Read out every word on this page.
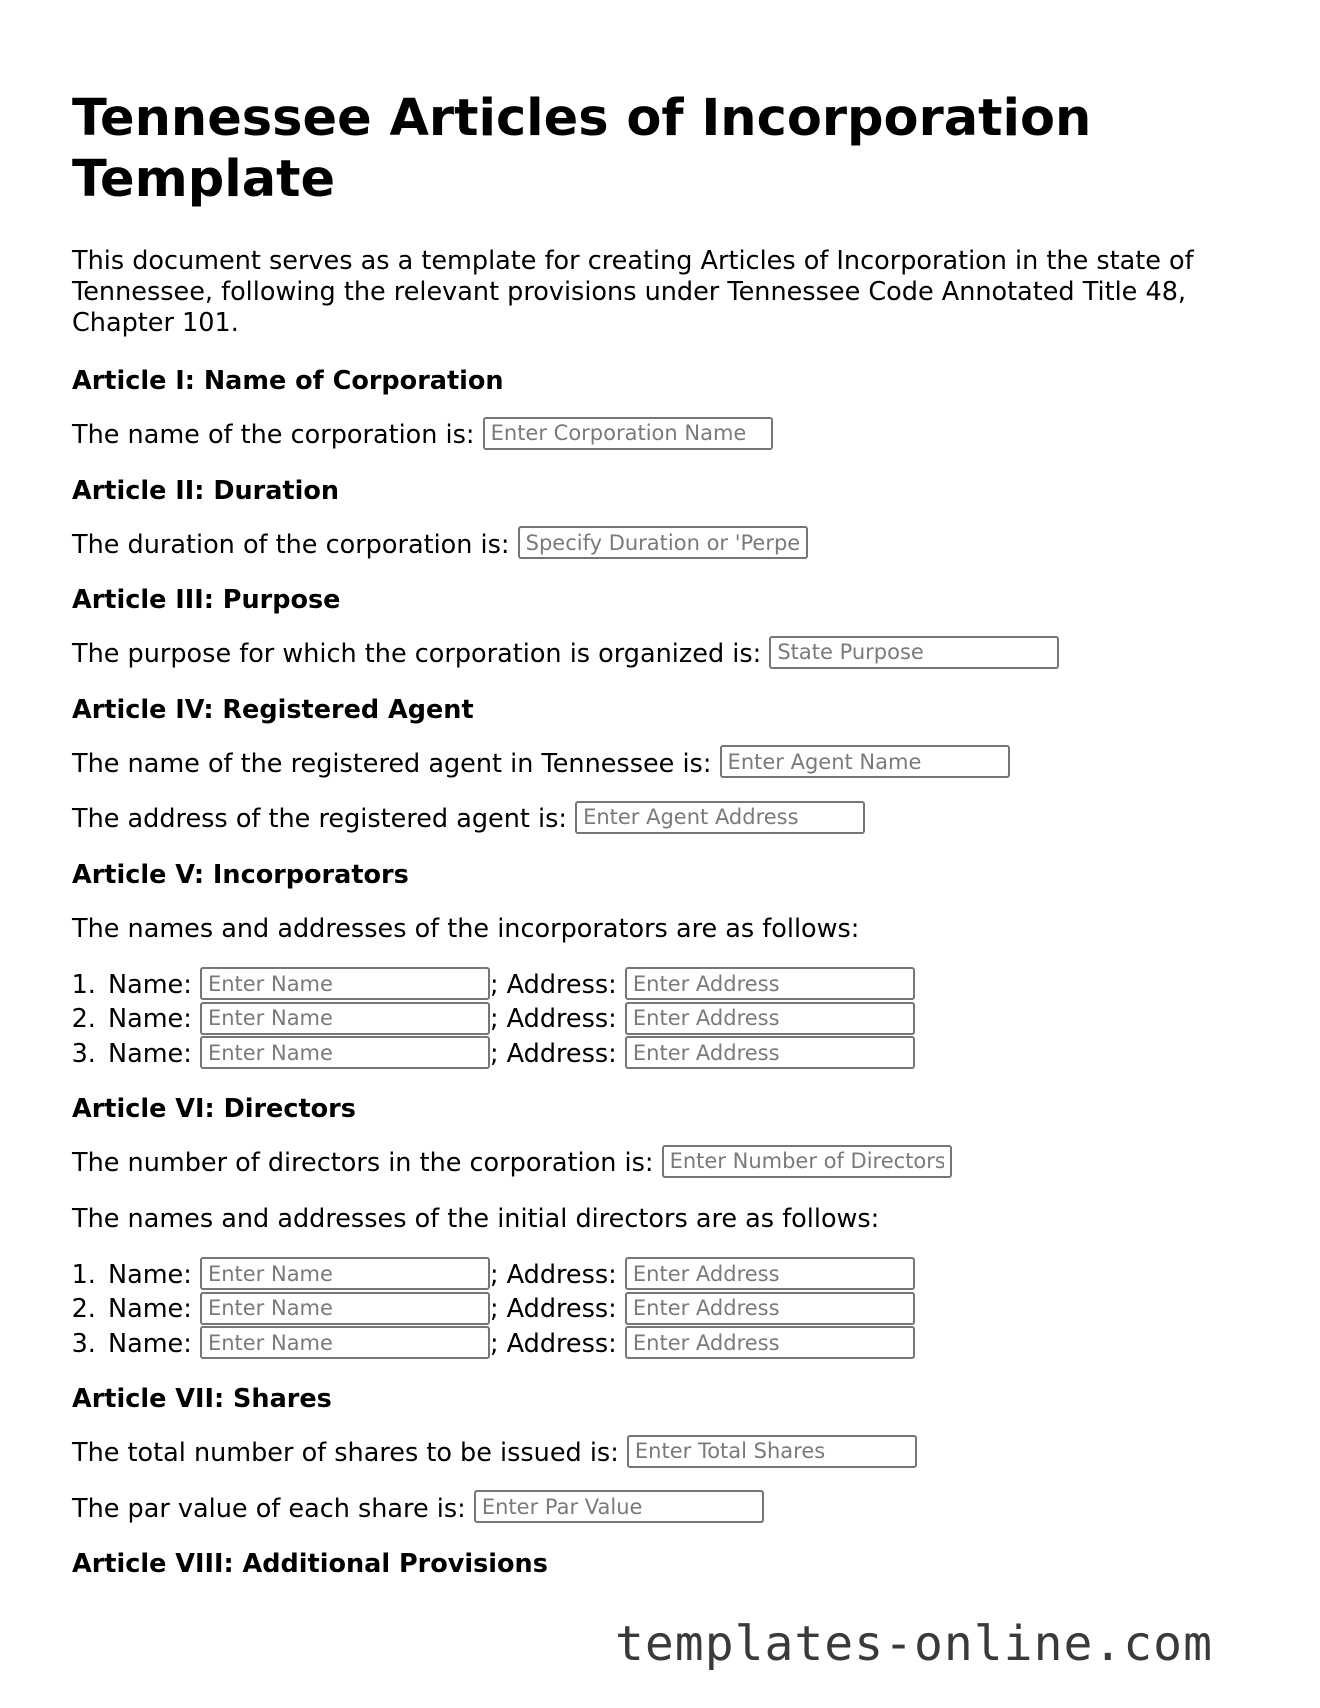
Tennessee Articles of Incorporation Template

This document serves as a template for creating Articles of Incorporation in the state of Tennessee, following the relevant provisions under Tennessee Code Annotated Title 48, Chapter 101.

Article I: Name of Corporation
The name of the corporation is: Enter Corporation Name
Article II: Duration
The duration of the corporation is: Specify Duration or 'Perpetual'
Article III: Purpose
The purpose for which the corporation is organized is: State Purpose
Article IV: Registered Agent
The name of the registered agent in Tennessee is: Enter Agent Name
The address of the registered agent is: Enter Agent Address
Article V: Incorporators
The names and addresses of the incorporators are as follows:
1. Name: Enter Name	; Address: Enter Address
2. Name: Enter Name	; Address: Enter Address
3. Name: Enter Name	; Address: Enter Address
Article VI: Directors
The number of directors in the corporation is: Enter Number of Directors
The names and addresses of the initial directors are as follows:
1. Name: Enter Name	; Address: Enter Address
2. Name: Enter Name	; Address: Enter Address
3. Name: Enter Name	; Address: Enter Address
Article VII: Shares
The total number of shares to be issued is: Enter Total Shares
The par value of each share is: Enter Par Value
Article VIII: Additional Provisions
templates-online.com
